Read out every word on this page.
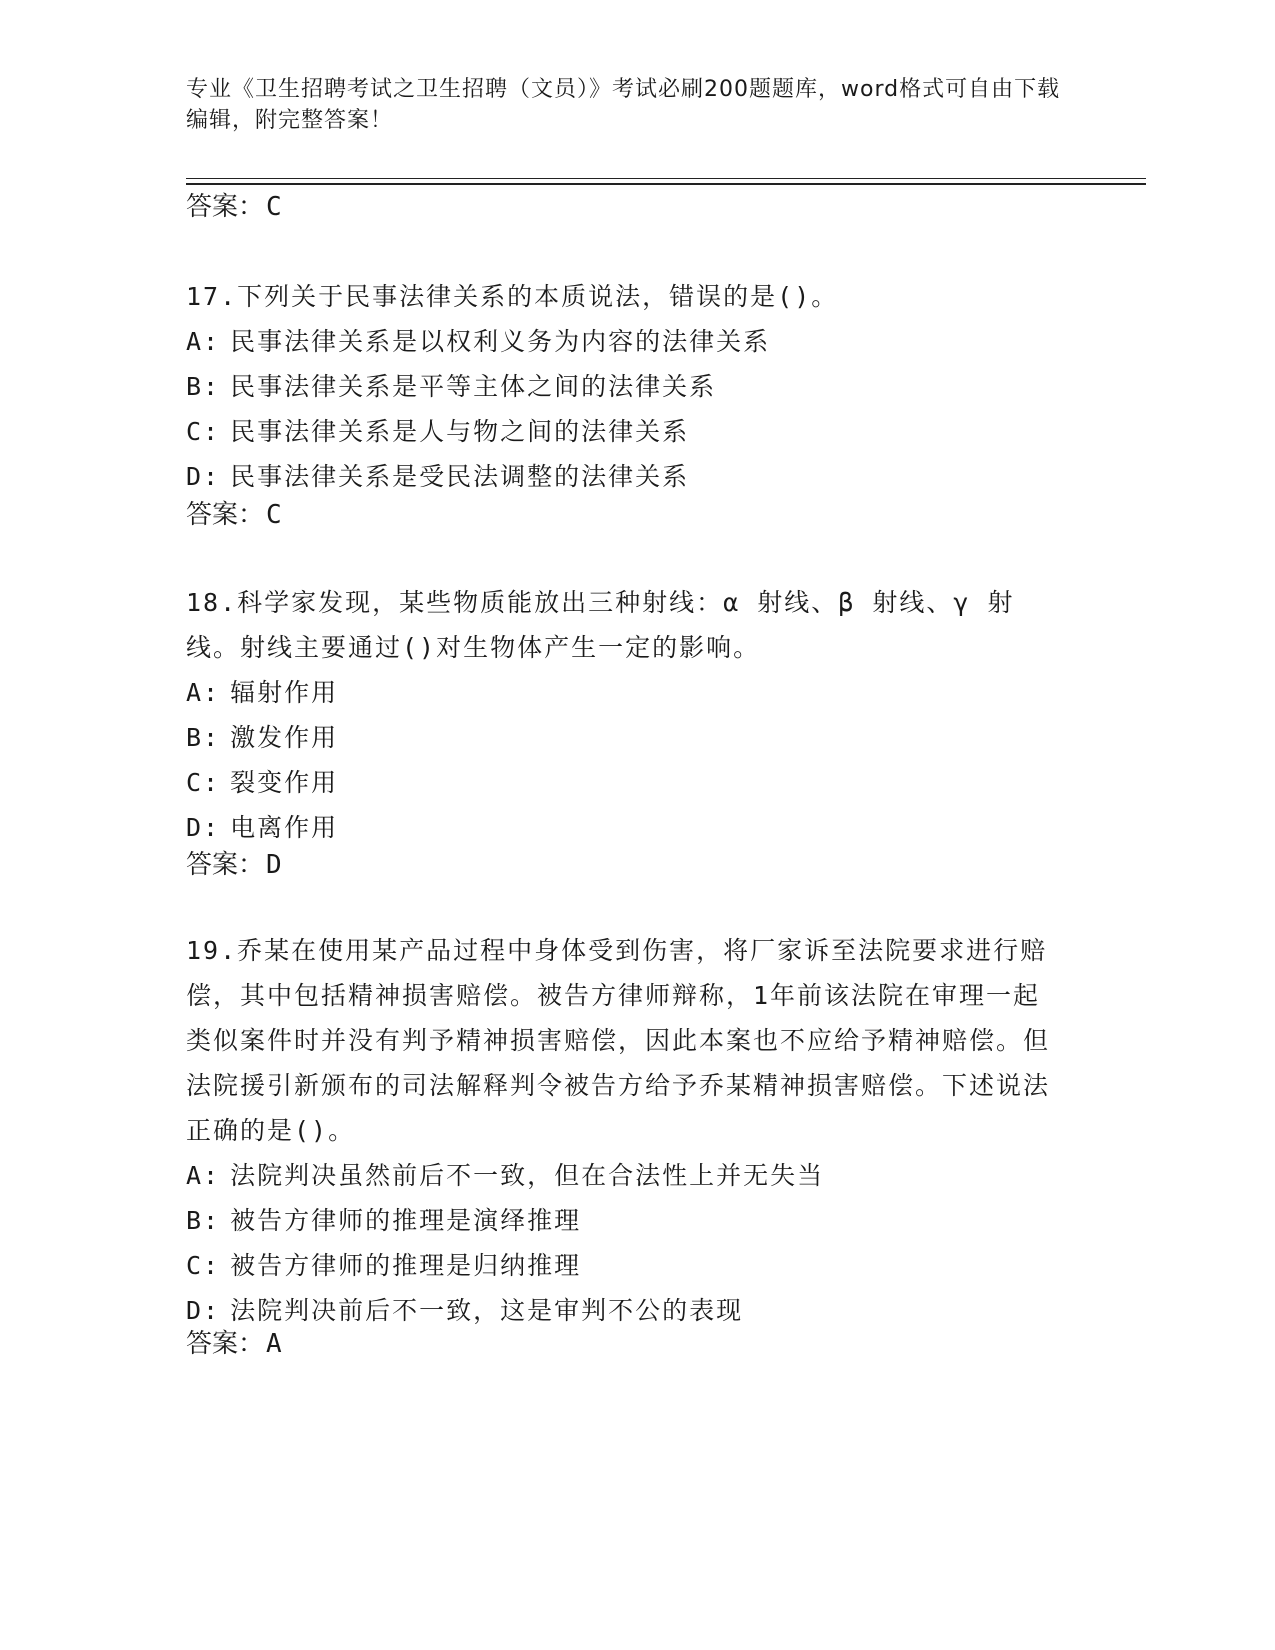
专业《卫生招聘考试之卫生招聘（文员）》考试必刷200题题库，word格式可自由下载编辑，附完整答案！
答案：C
17.下列关于民事法律关系的本质说法，错误的是()。
A: 民事法律关系是以权利义务为内容的法律关系
B: 民事法律关系是平等主体之间的法律关系
C: 民事法律关系是人与物之间的法律关系
D: 民事法律关系是受民法调整的法律关系
答案：C
18.科学家发现，某些物质能放出三种射线：α 射线、β 射线、γ 射线。射线主要通过()对生物体产生一定的影响。
A: 辐射作用
B: 激发作用
C: 裂变作用
D: 电离作用
答案：D
19.乔某在使用某产品过程中身体受到伤害，将厂家诉至法院要求进行赔偿，其中包括精神损害赔偿。被告方律师辩称，1年前该法院在审理一起类似案件时并没有判予精神损害赔偿，因此本案也不应给予精神赔偿。但法院援引新颁布的司法解释判令被告方给予乔某精神损害赔偿。下述说法正确的是()。
A: 法院判决虽然前后不一致，但在合法性上并无失当
B: 被告方律师的推理是演绎推理
C: 被告方律师的推理是归纳推理
D: 法院判决前后不一致，这是审判不公的表现
答案：A
